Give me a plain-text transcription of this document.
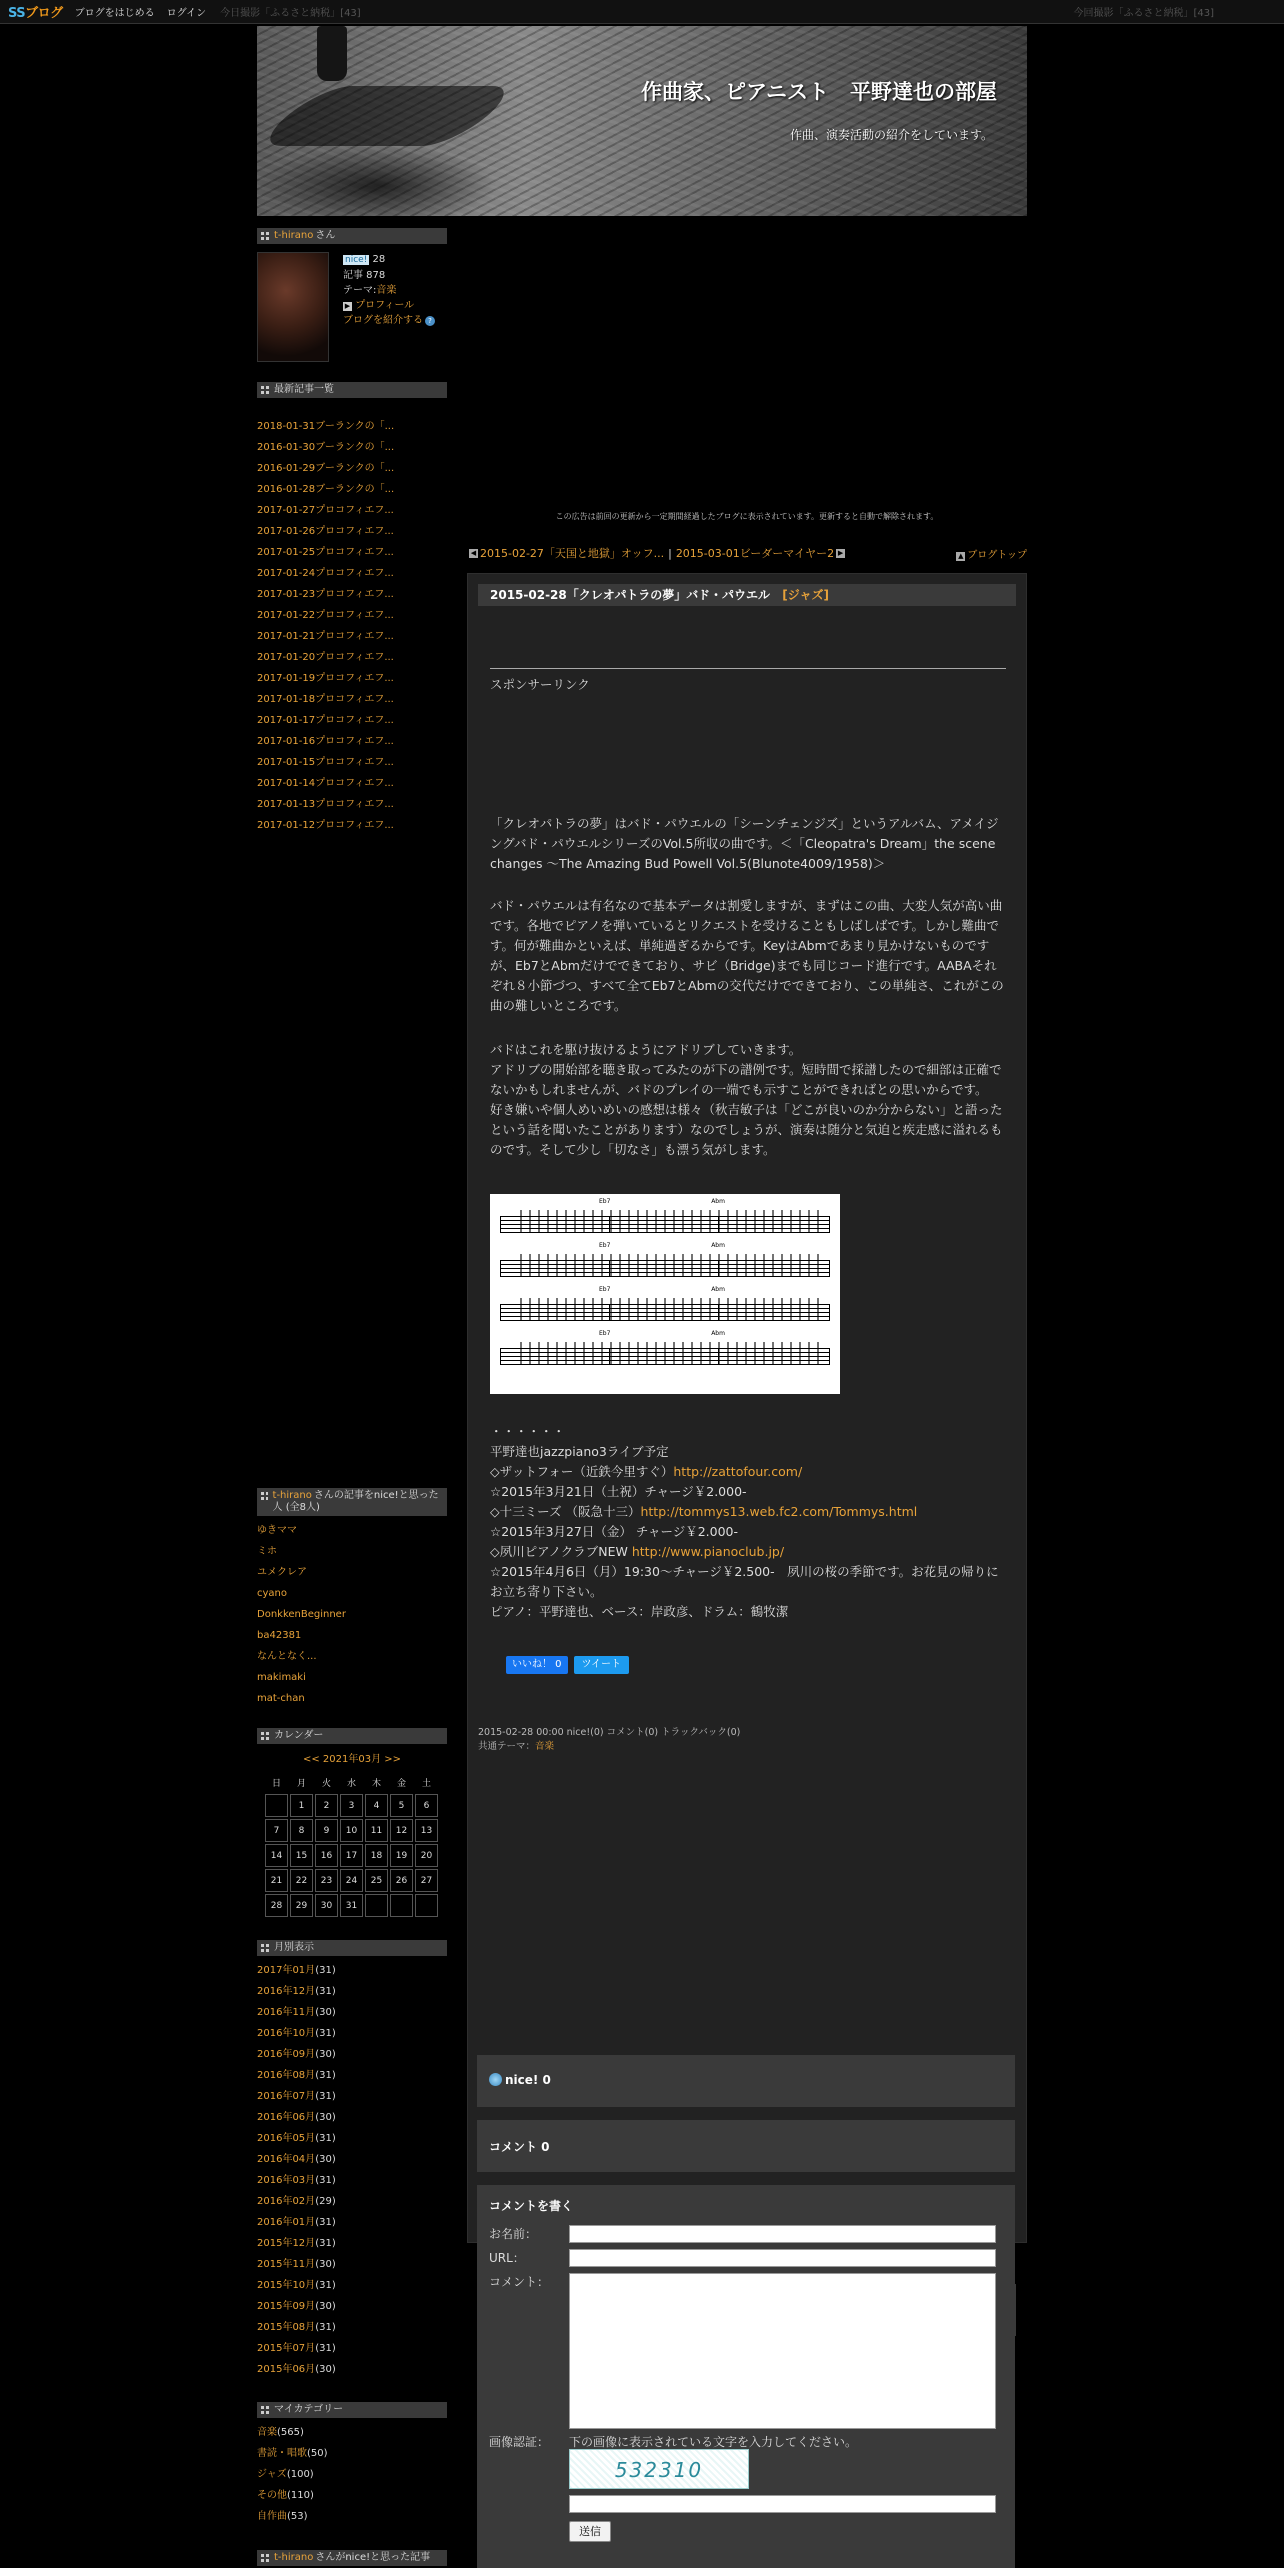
SSブログ ブログをはじめる ログイン 今日撮影「ふるさと納税」[43]	今回撮影「ふるさと納税」[43]
作曲家、ピアニスト　平野達也の部屋
作曲、演奏活動の紹介をしています。
t-hirano さん
nice! 28
記事 878
テーマ:音楽
▶ プロフィール
ブログを紹介する ?
最新記事一覧
2018-01-31ブーランクの「...
2016-01-30ブーランクの「...
2016-01-29ブーランクの「...
2016-01-28ブーランクの「...
2017-01-27プロコフィエフ...
2017-01-26プロコフィエフ...
2017-01-25プロコフィエフ...
2017-01-24プロコフィエフ...
2017-01-23プロコフィエフ...
2017-01-22プロコフィエフ...
2017-01-21プロコフィエフ...
2017-01-20プロコフィエフ...
2017-01-19プロコフィエフ...
2017-01-18プロコフィエフ...
2017-01-17プロコフィエフ...
2017-01-16プロコフィエフ...
2017-01-15プロコフィエフ...
2017-01-14プロコフィエフ...
2017-01-13プロコフィエフ...
2017-01-12プロコフィエフ...
t-hirano さんの記事をnice!と思った人 (全8人)
ゆきママ
ミホ
ユメクレア
cyano
DonkkenBeginner
ba42381
なんとなく...
makimaki
mat-chan
カレンダー
<< 2021年03月 >>
日	月	火	水	木	金	土
	1	2	3	4	5	6
7	8	9	10	11	12	13
14	15	16	17	18	19	20
21	22	23	24	25	26	27
28	29	30	31			
月別表示
2017年01月(31)
2016年12月(31)
2016年11月(30)
2016年10月(31)
2016年09月(30)
2016年08月(31)
2016年07月(31)
2016年06月(30)
2016年05月(31)
2016年04月(30)
2016年03月(31)
2016年02月(29)
2016年01月(31)
2015年12月(31)
2015年11月(30)
2015年10月(31)
2015年09月(30)
2015年08月(31)
2015年07月(31)
2015年06月(30)
マイカテゴリー
音楽(565)
書読・唱歌(50)
ジャズ(100)
その他(110)
自作曲(53)
t-hirano さんがnice!と思った記事
この広告は前回の更新から一定期間経過したブログに表示されています。更新すると自動で解除されます。
◀ 2015-02-27「天国と地獄」オッフ... | 2015-03-01ビーダーマイヤー2 ▶	▲ ブログトップ
2015-02-28「クレオパトラの夢」バド・パウエル [ジャズ]
スポンサーリンク
「クレオパトラの夢」はバド・パウエルの「シーンチェンジズ」というアルバム、アメイジングバド・パウエルシリーズのVol.5所収の曲です。＜「Cleopatra's Dream」the scene changes 〜The Amazing Bud Powell Vol.5(Blunote4009/1958)＞
バド・パウエルは有名なので基本データは割愛しますが、まずはこの曲、大変人気が高い曲です。各地でピアノを弾いているとリクエストを受けることもしばしばです。しかし難曲です。何が難曲かといえば、単純過ぎるからです。KeyはAbmであまり見かけないものですが、Eb7とAbmだけでできており、サビ（Bridge)までも同じコード進行です。AABAそれぞれ８小節づつ、すべて全てEb7とAbmの交代だけでできており、この単純さ、これがこの曲の難しいところです。
バドはこれを駆け抜けるようにアドリブしていきます。
アドリブの開始部を聴き取ってみたのが下の譜例です。短時間で採譜したので細部は正確でないかもしれませんが、バドのプレイの一端でも示すことができればとの思いからです。
好き嫌いや個人めいめいの感想は様々（秋吉敏子は「どこが良いのか分からない」と語ったという話を聞いたことがあります）なのでしょうが、演奏は随分と気迫と疾走感に溢れるものです。そして少し「切なさ」も漂う気がします。
Eb7	Abm
Eb7	Abm
Eb7	Abm
Eb7	Abm
・・・・・・
平野達也jazzpiano3ライブ予定
◇ザットフォー（近鉄今里すぐ）http://zattofour.com/
☆2015年3月21日（土祝）チャージ￥2.000-
◇十三ミーズ （阪急十三）http://tommys13.web.fc2.com/Tommys.html
☆2015年3月27日（金） チャージ￥2.000-
◇夙川ピアノクラブNEW http://www.pianoclub.jp/
☆2015年4月6日（月）19:30〜チャージ￥2.500-　夙川の桜の季節です。お花見の帰りにお立ち寄り下さい。
ピアノ：平野達也、ベース：岸政彦、ドラム：鶴牧潔
いいね！ 0	ツイート
2015-02-28 00:00 nice!(0) コメント(0) トラックバック(0)
共通テーマ：音楽
nice! 0
コメント 0
コメントを書く
お名前：
URL：
コメント：
画像認証： 下の画像に表示されている文字を入力してください。
532310
送信
